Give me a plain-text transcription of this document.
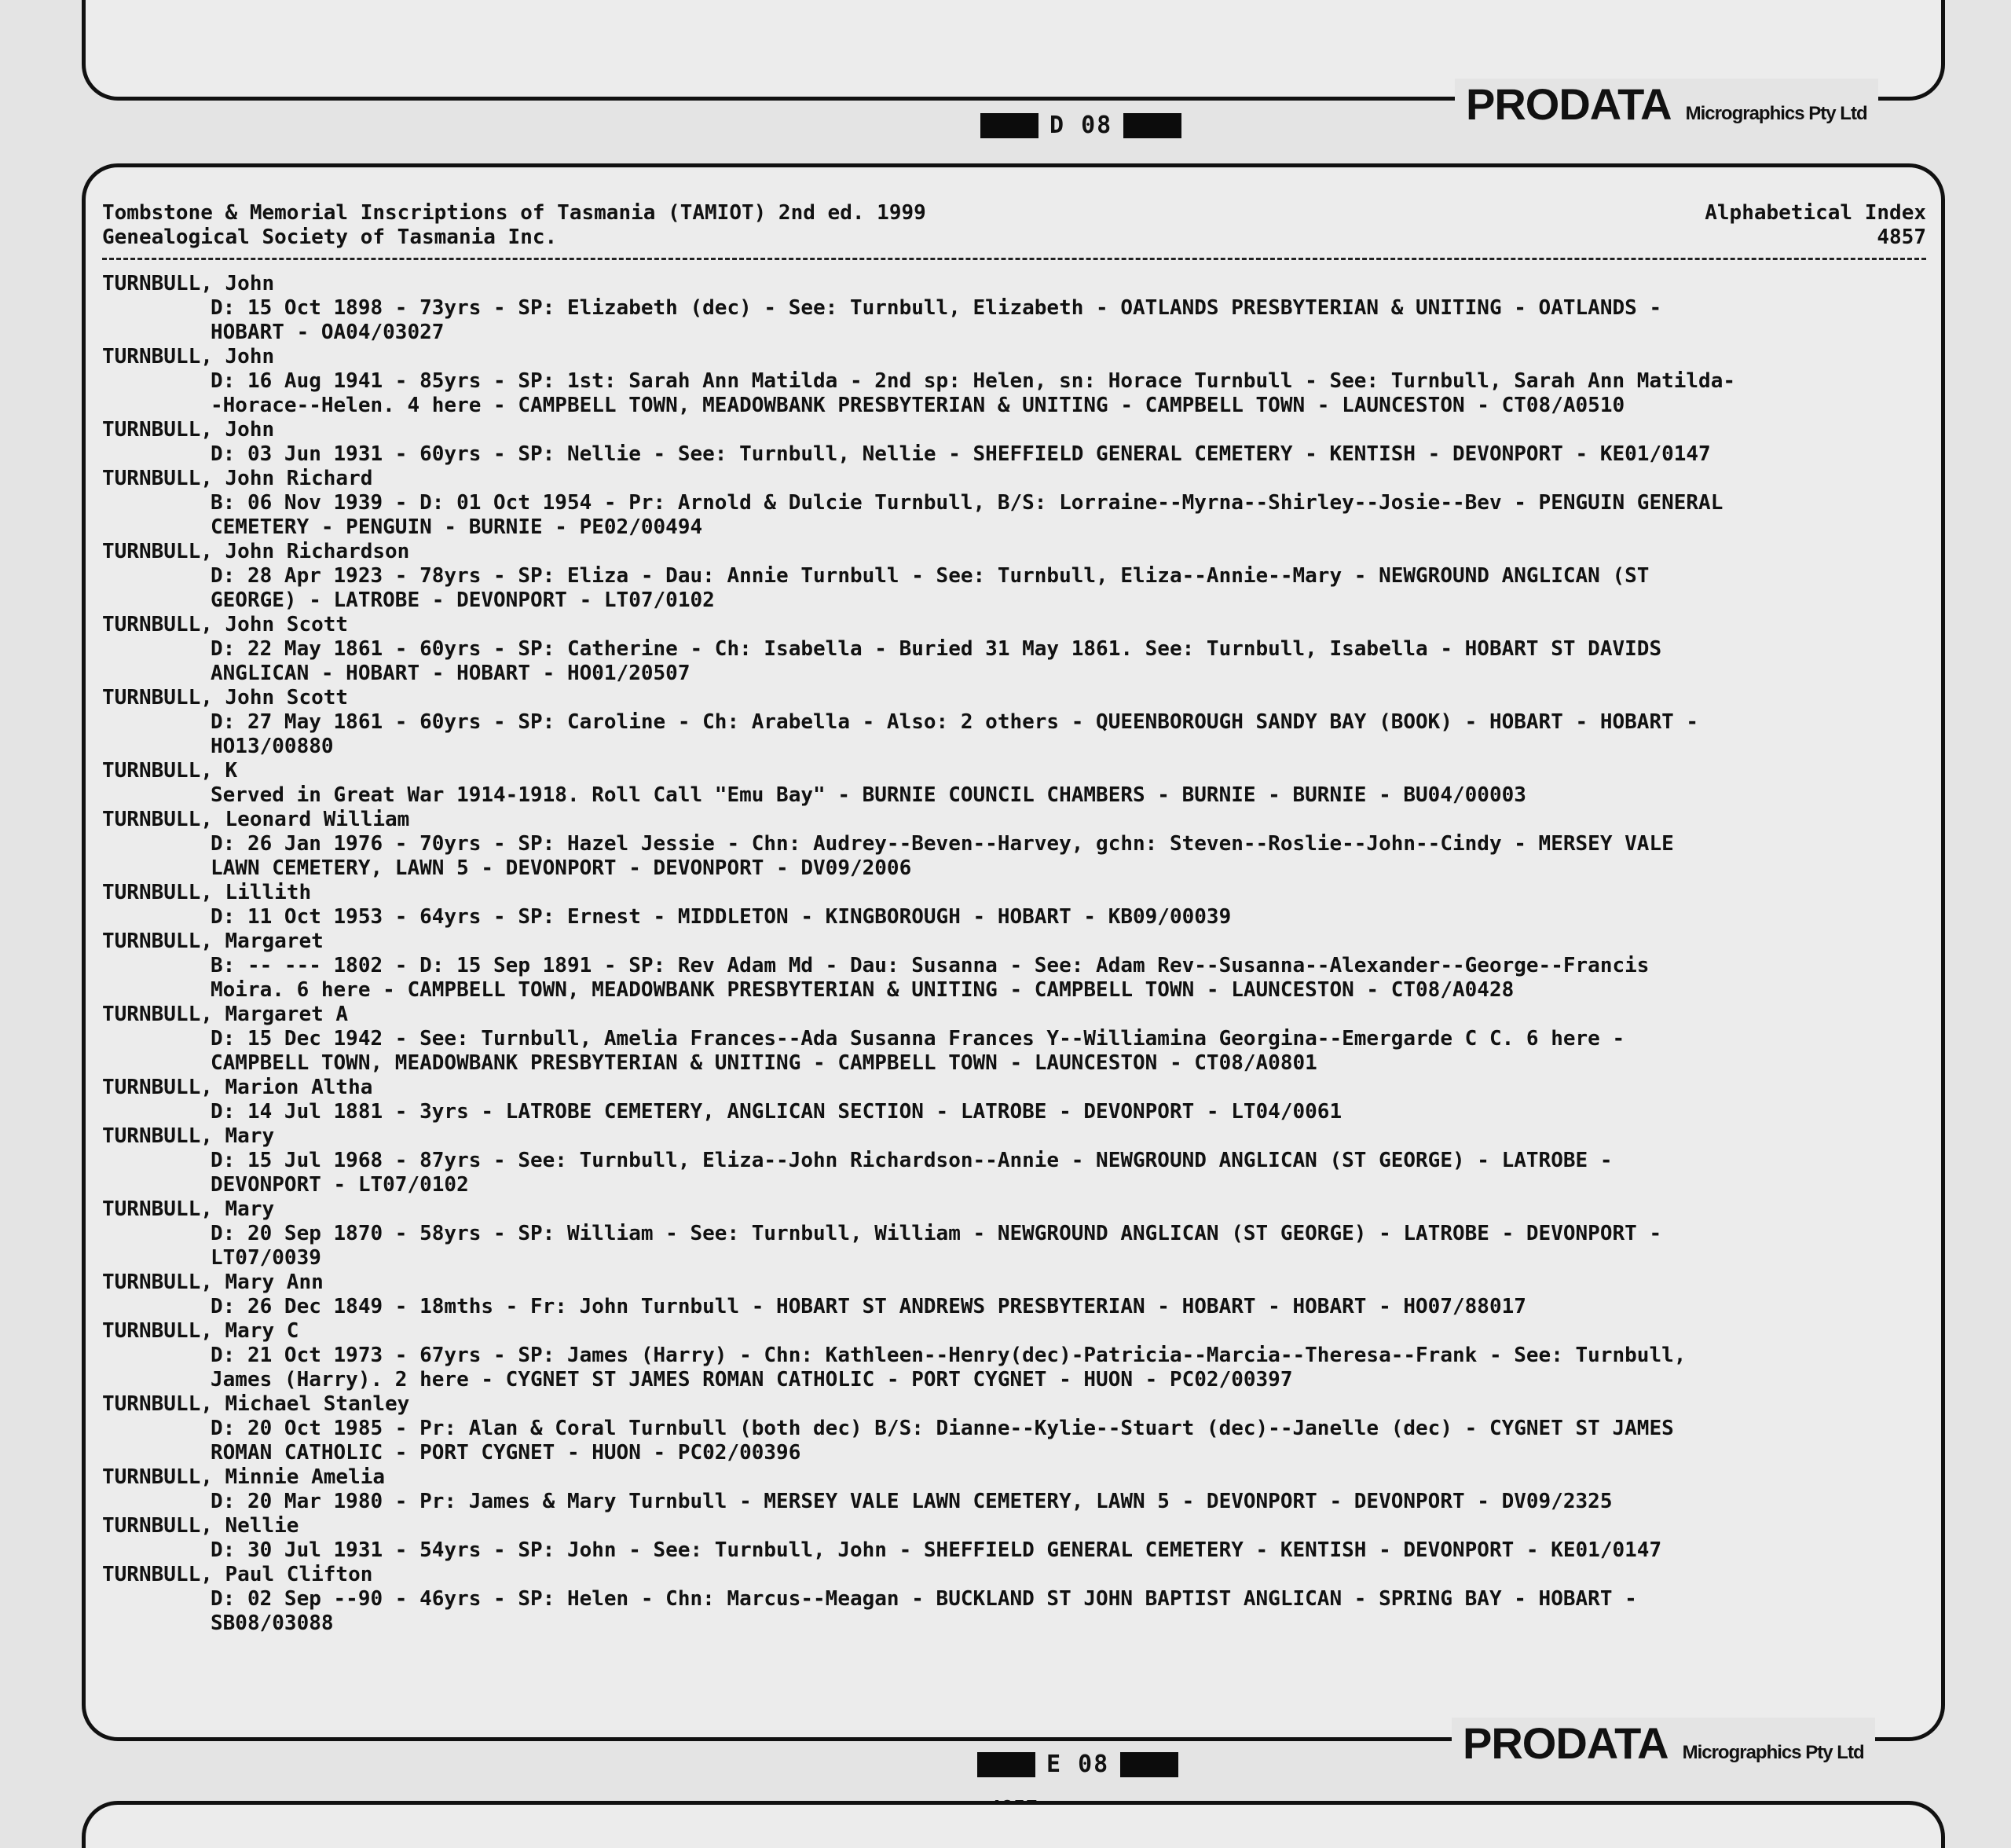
D 08	PRODATA Micrographics Pty Ltd
Tombstone & Memorial Inscriptions of Tasmania (TAMIOT) 2nd ed. 1999	Alphabetical Index
Genealogical Society of Tasmania Inc.	4857
TURNBULL, John
D: 15 Oct 1898 - 73yrs - SP: Elizabeth (dec) - See: Turnbull, Elizabeth - OATLANDS PRESBYTERIAN & UNITING - OATLANDS -
HOBART - OA04/03027
TURNBULL, John
D: 16 Aug 1941 - 85yrs - SP: 1st: Sarah Ann Matilda - 2nd sp: Helen, sn: Horace Turnbull - See: Turnbull, Sarah Ann Matilda-
-Horace--Helen. 4 here - CAMPBELL TOWN, MEADOWBANK PRESBYTERIAN & UNITING - CAMPBELL TOWN - LAUNCESTON - CT08/A0510
TURNBULL, John
D: 03 Jun 1931 - 60yrs - SP: Nellie - See: Turnbull, Nellie - SHEFFIELD GENERAL CEMETERY - KENTISH - DEVONPORT - KE01/0147
TURNBULL, John Richard
B: 06 Nov 1939 - D: 01 Oct 1954 - Pr: Arnold & Dulcie Turnbull, B/S: Lorraine--Myrna--Shirley--Josie--Bev - PENGUIN GENERAL
CEMETERY - PENGUIN - BURNIE - PE02/00494
TURNBULL, John Richardson
D: 28 Apr 1923 - 78yrs - SP: Eliza - Dau: Annie Turnbull - See: Turnbull, Eliza--Annie--Mary - NEWGROUND ANGLICAN (ST
GEORGE) - LATROBE - DEVONPORT - LT07/0102
TURNBULL, John Scott
D: 22 May 1861 - 60yrs - SP: Catherine - Ch: Isabella - Buried 31 May 1861. See: Turnbull, Isabella - HOBART ST DAVIDS
ANGLICAN - HOBART - HOBART - HO01/20507
TURNBULL, John Scott
D: 27 May 1861 - 60yrs - SP: Caroline - Ch: Arabella - Also: 2 others - QUEENBOROUGH SANDY BAY (BOOK) - HOBART - HOBART -
HO13/00880
TURNBULL, K
Served in Great War 1914-1918. Roll Call "Emu Bay" - BURNIE COUNCIL CHAMBERS - BURNIE - BURNIE - BU04/00003
TURNBULL, Leonard William
D: 26 Jan 1976 - 70yrs - SP: Hazel Jessie - Chn: Audrey--Beven--Harvey, gchn: Steven--Roslie--John--Cindy - MERSEY VALE
LAWN CEMETERY, LAWN 5 - DEVONPORT - DEVONPORT - DV09/2006
TURNBULL, Lillith
D: 11 Oct 1953 - 64yrs - SP: Ernest - MIDDLETON - KINGBOROUGH - HOBART - KB09/00039
TURNBULL, Margaret
B: -- --- 1802 - D: 15 Sep 1891 - SP: Rev Adam Md - Dau: Susanna - See: Adam Rev--Susanna--Alexander--George--Francis
Moira. 6 here - CAMPBELL TOWN, MEADOWBANK PRESBYTERIAN & UNITING - CAMPBELL TOWN - LAUNCESTON - CT08/A0428
TURNBULL, Margaret A
D: 15 Dec 1942 - See: Turnbull, Amelia Frances--Ada Susanna Frances Y--Williamina Georgina--Emergarde C C. 6 here -
CAMPBELL TOWN, MEADOWBANK PRESBYTERIAN & UNITING - CAMPBELL TOWN - LAUNCESTON - CT08/A0801
TURNBULL, Marion Altha
D: 14 Jul 1881 - 3yrs - LATROBE CEMETERY, ANGLICAN SECTION - LATROBE - DEVONPORT - LT04/0061
TURNBULL, Mary
D: 15 Jul 1968 - 87yrs - See: Turnbull, Eliza--John Richardson--Annie - NEWGROUND ANGLICAN (ST GEORGE) - LATROBE -
DEVONPORT - LT07/0102
TURNBULL, Mary
D: 20 Sep 1870 - 58yrs - SP: William - See: Turnbull, William - NEWGROUND ANGLICAN (ST GEORGE) - LATROBE - DEVONPORT -
LT07/0039
TURNBULL, Mary Ann
D: 26 Dec 1849 - 18mths - Fr: John Turnbull - HOBART ST ANDREWS PRESBYTERIAN - HOBART - HOBART - HO07/88017
TURNBULL, Mary C
D: 21 Oct 1973 - 67yrs - SP: James (Harry) - Chn: Kathleen--Henry(dec)-Patricia--Marcia--Theresa--Frank - See: Turnbull,
James (Harry). 2 here - CYGNET ST JAMES ROMAN CATHOLIC - PORT CYGNET - HUON - PC02/00397
TURNBULL, Michael Stanley
D: 20 Oct 1985 - Pr: Alan & Coral Turnbull (both dec) B/S: Dianne--Kylie--Stuart (dec)--Janelle (dec) - CYGNET ST JAMES
ROMAN CATHOLIC - PORT CYGNET - HUON - PC02/00396
TURNBULL, Minnie Amelia
D: 20 Mar 1980 - Pr: James & Mary Turnbull - MERSEY VALE LAWN CEMETERY, LAWN 5 - DEVONPORT - DEVONPORT - DV09/2325
TURNBULL, Nellie
D: 30 Jul 1931 - 54yrs - SP: John - See: Turnbull, John - SHEFFIELD GENERAL CEMETERY - KENTISH - DEVONPORT - KE01/0147
TURNBULL, Paul Clifton
D: 02 Sep --90 - 46yrs - SP: Helen - Chn: Marcus--Meagan - BUCKLAND ST JOHN BAPTIST ANGLICAN - SPRING BAY - HOBART -
SB08/03088
E 08	PRODATA Micrographics Pty Ltd
